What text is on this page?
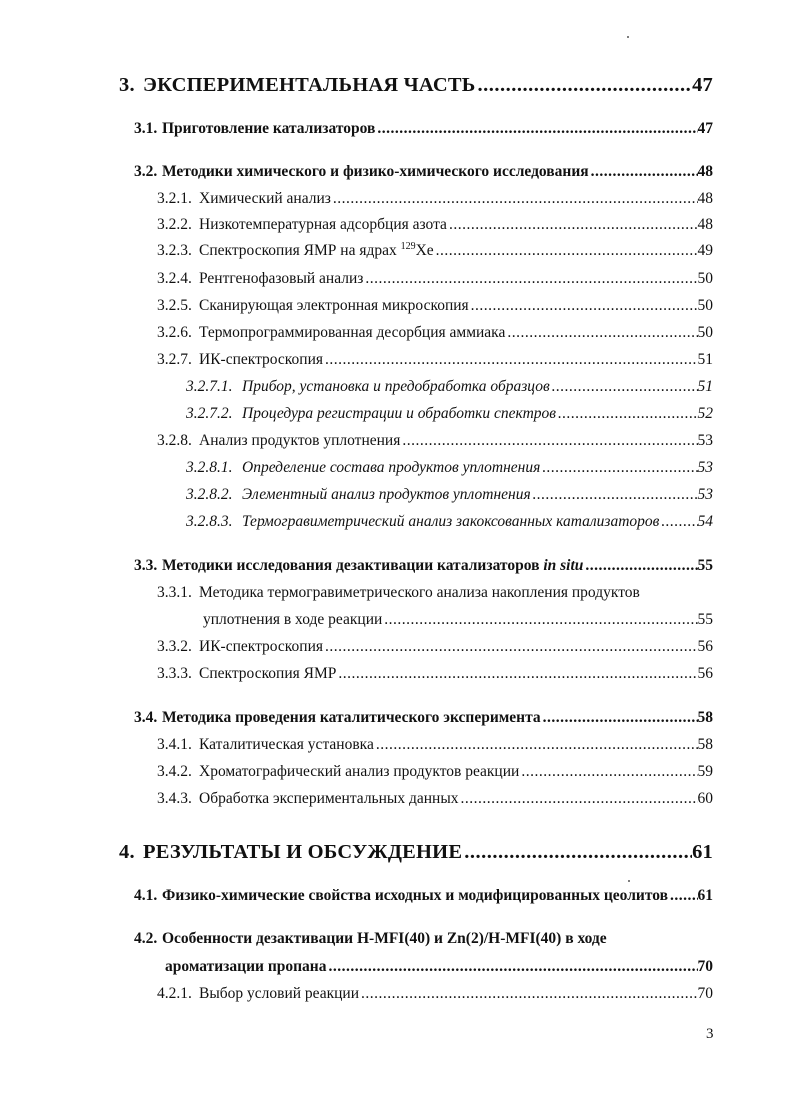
3. ЭКСПЕРИМЕНТАЛЬНАЯ ЧАСТЬ .....	47
3.1. Приготовление катализаторов .....	47
3.2. Методики химического и физико-химического исследования .....	48
3.2.1. Химический анализ .....	48
3.2.2. Низкотемпературная адсорбция азота .....	48
3.2.3. Спектроскопия ЯМР на ядрах $^{129}$Xe .....	49
3.2.4. Рентгенофазовый анализ .....	50
3.2.5. Сканирующая электронная микроскопия .....	50
3.2.6. Термопрограммированная десорбция аммиака .....	50
3.2.7. ИК-спектроскопия .....	51
3.2.7.1. Прибор, установка и предобработка образцов .....	51
3.2.7.2. Процедура регистрации и обработки спектров .....	52
3.2.8. Анализ продуктов уплотнения .....	53
3.2.8.1. Определение состава продуктов уплотнения .....	53
3.2.8.2. Элементный анализ продуктов уплотнения .....	53
3.2.8.3. Термогравиметрический анализ закоксованных катализаторов ..... 54
3.3. Методики исследования дезактивации катализаторов in situ .....	55
3.3.1. Методика термогравиметрического анализа накопления продуктов
уплотнения в ходе реакции .....	55
3.3.2. ИК-спектроскопия .....	56
3.3.3. Спектроскопия ЯМР .....	56
3.4. Методика проведения каталитического эксперимента .....	58
3.4.1. Каталитическая установка .....	58
3.4.2. Хроматографический анализ продуктов реакции .....	59
3.4.3. Обработка экспериментальных данных .....	60
4. РЕЗУЛЬТАТЫ И ОБСУЖДЕНИЕ .....	61
4.1. Физико-химические свойства исходных и модифицированных цеолитов ..... 61
4.2. Особенности дезактивации H-MFI(40) и Zn(2)/H-MFI(40) в ходе
ароматизации пропана .....	70
4.2.1. Выбор условий реакции .....	70
3
